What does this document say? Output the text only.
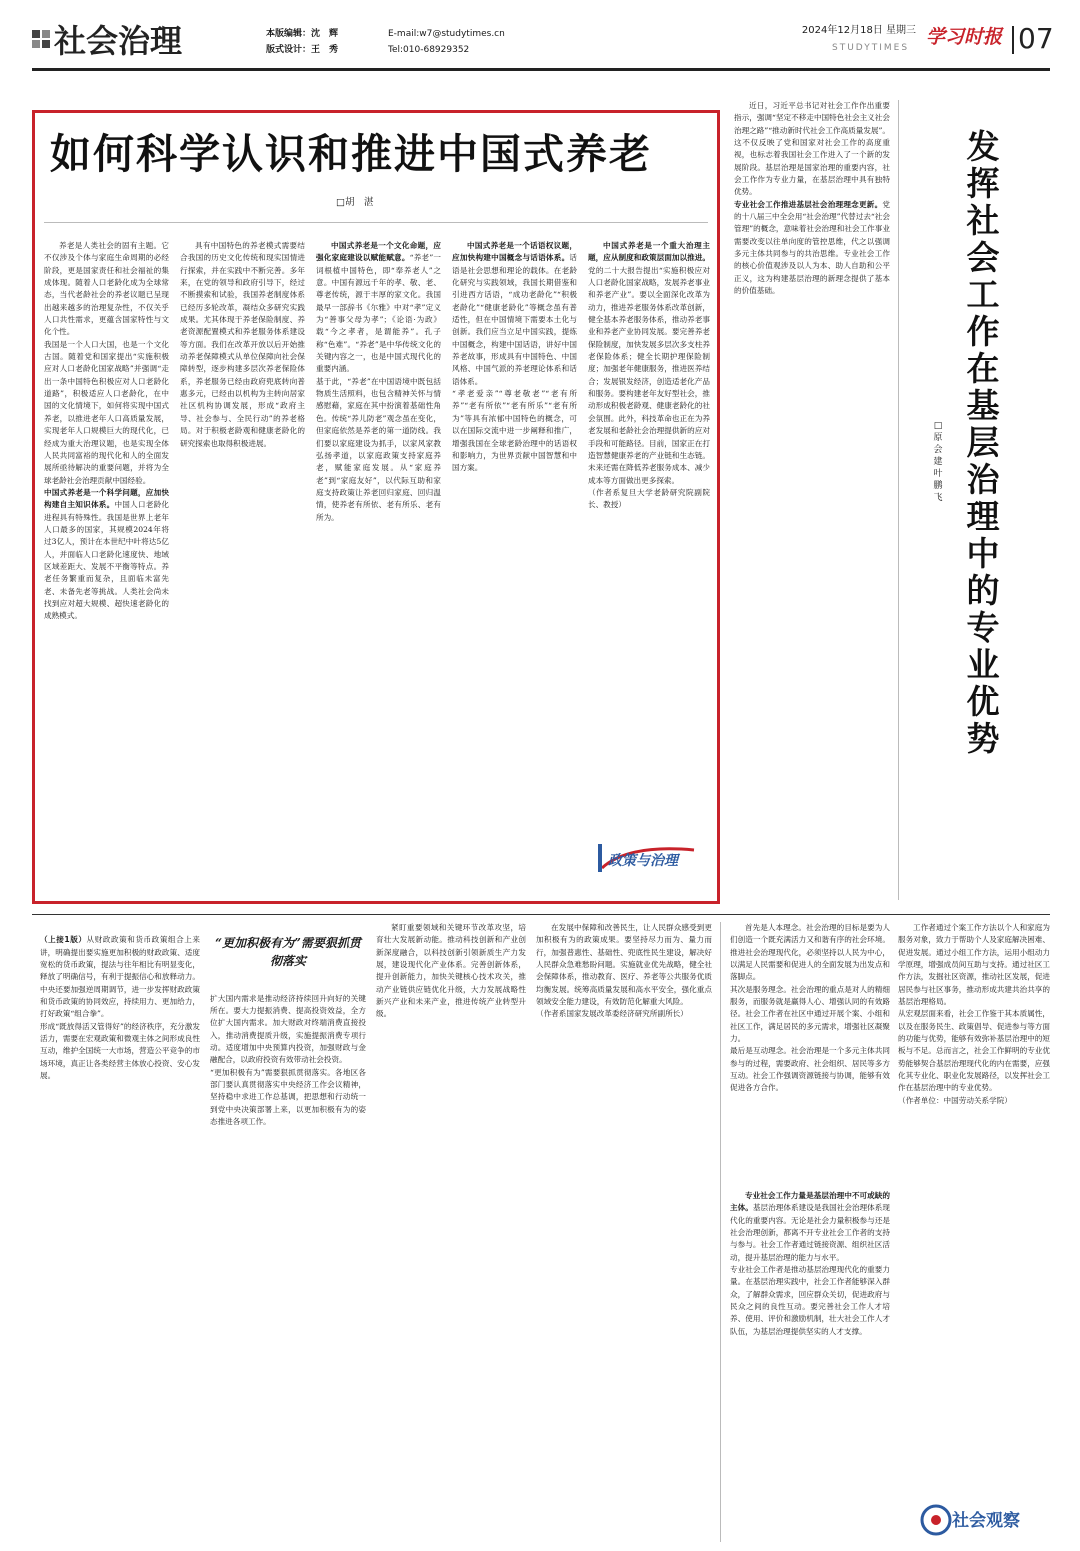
社会治理	本版编辑：沈　辉
版式设计：王　秀
E-mail:w7@studytimes.cn
Tel:010-68929352
2024年12月18日 星期三
STUDYTIMES 学习时报 07
如何科学认识和推进中国式养老
□胡　湛
养老是人类社会的固有主题。它不仅涉及个体与家庭生命周期的必经阶段，更是国家责任和社会福祉的集成体现。随着人口老龄化成为全球常态，当代老龄社会的养老议题已呈现出越来越多的治理复杂性，不仅关乎人口共性需求，更蕴含国家特性与文化个性。
我国是一个人口大国，也是一个文化古国。随着党和国家提出“实施积极应对人口老龄化国家战略”并强调“走出一条中国特色积极应对人口老龄化道路”，积极适应人口老龄化，在中国的文化情境下，如何将实现中国式养老，以推进老年人口高质量发展，实现老年人口规模巨大的现代化，已经成为重大治理议题，也是实现全体人民共同富裕的现代化和人的全面发展所亟待解决的重要问题，并将为全球老龄社会治理贡献中国经验。
中国式养老是一个科学问题，应加快构建自主知识体系。中国人口老龄化进程具有特殊性。我国是世界上老年人口最多的国家，其规模2024年将过3亿人，预计在本世纪中叶将达5亿人，并面临人口老龄化速度快、地域区域差距大、发展不平衡等特点。养老任务繁重而复杂，且面临未富先老、未备先老等挑战。人类社会尚未找到应对超大规模、超快速老龄化的成熟模式。
具有中国特色的养老模式需要结合我国的历史文化传统和现实国情进行探索，并在实践中不断完善。多年来，在党的领导和政府引导下，经过不断摸索和试验，我国养老制度体系已经历多轮改革，凝结众多研究实践成果。尤其体现于养老保险制度、养老资源配置模式和养老服务体系建设等方面。我们在改革开放以后开始推动养老保障模式从单位保障向社会保障转型，逐步构建多层次养老保险体系，养老服务已经由政府兜底转向普惠多元，已经由以机构为主转向居家社区机构协调发展，形成“政府主导、社会参与、全民行动”的养老格局。对于积极老龄观和健康老龄化的研究探索也取得积极进展。
中国式养老是一个文化命题，应强化家庭建设以赋能赋意。“养老”一词根植中国特色，即“奉养老人”之意。中国有源远千年的孝、敬、老、尊老传统，源于丰厚的家文化。我国最早一部辞书《尔雅》中对“孝”定义为“善事父母为孝”；《论语·为政》载“今之孝者，是谓能养”。孔子称“色难”。“养老”是中华传统文化的关键内容之一，也是中国式现代化的重要内涵。
基于此，“养老”在中国语境中既包括物质生活照料，也包含精神关怀与情感慰藉，家庭在其中扮演着基础性角色。传统“养儿防老”观念虽在变化，但家庭依然是养老的第一道防线。我们要以家庭建设为抓手，以家风家教弘扬孝道，以家庭政策支持家庭养老，赋能家庭发展。从“家庭养老”到“家庭友好”，以代际互助和家庭支持政策让养老回归家庭、回归温情，使养老有所依、老有所乐、老有所为。
中国式养老是一个话语权议题，应加快构建中国概念与话语体系。话语是社会思想和理论的载体。在老龄化研究与实践领域，我国长期借鉴和引进西方话语，“成功老龄化”“积极老龄化”“健康老龄化”等概念虽有普适性，但在中国情境下需要本土化与创新。我们应当立足中国实践，提炼中国概念，构建中国话语，讲好中国养老故事，形成具有中国特色、中国风格、中国气派的养老理论体系和话语体系。
“孝老爱亲”“尊老敬老”“老有所养”“老有所依”“老有所乐”“老有所为”等具有浓郁中国特色的概念，可以在国际交流中进一步阐释和推广，增强我国在全球老龄治理中的话语权和影响力，为世界贡献中国智慧和中国方案。
中国式养老是一个重大治理主题，应从制度和政策层面加以推进。党的二十大报告提出“实施积极应对人口老龄化国家战略，发展养老事业和养老产业”。要以全面深化改革为动力，推进养老服务体系改革创新，健全基本养老服务体系，推动养老事业和养老产业协同发展。要完善养老保险制度，加快发展多层次多支柱养老保险体系；健全长期护理保险制度；加强老年健康服务，推进医养结合；发展银发经济，创造适老化产品和服务。要构建老年友好型社会，推动形成积极老龄观、健康老龄化的社会氛围。此外，科技革命也正在为养老发展和老龄社会治理提供新的应对手段和可能路径。目前，国家正在打造智慧健康养老的产业链和生态链。未来还需在降低养老服务成本、减少成本等方面做出更多探索。
（作者系复旦大学老龄研究院副院长、教授）
政策与治理
近日，习近平总书记对社会工作作出重要指示，强调“坚定不移走中国特色社会主义社会治理之路”“推动新时代社会工作高质量发展”。这不仅反映了党和国家对社会工作的高度重视，也标志着我国社会工作进入了一个新的发展阶段。基层治理是国家治理的重要内容，社会工作作为专业力量，在基层治理中具有独特优势。
专业社会工作推进基层社会治理理念更新。党的十八届三中全会用“社会治理”代替过去“社会管理”的概念，意味着社会治理和社会工作事业需要改变以往单向度的管控思维，代之以强调多元主体共同参与的共治思维。专业社会工作的核心价值观涉及以人为本、助人自助和公平正义，这为构建基层治理的新理念提供了基本的价值基础。
发挥社会工作在基层治理中的专业优势
□原会建　叶鹏飞

（上接1版）从财政政策和货币政策组合上来讲，明确提出要实施更加积极的财政政策、适度宽松的货币政策，提法与往年相比有明显变化，释放了明确信号，有利于提振信心和放释动力。中央还要加强逆周期调节，进一步发挥财政政策和货币政策的协同效应，持续用力、更加给力，打好政策“组合拳”。
形成“既放得活又管得好”的经济秩序，充分激发活力，需要在宏观政策和微观主体之间形成良性互动，维护全国统一大市场，营造公平竞争的市场环境，真正让各类经营主体放心投资、安心发展。

“更加积极有为”需要狠抓贯彻落实

扩大国内需求是推动经济持续回升向好的关键所在。要大力提振消费、提高投资效益，全方位扩大国内需求。加大财政对终端消费直接投入，推动消费提质升级，实施提振消费专项行动。适度增加中央预算内投资，加强财政与金融配合，以政府投资有效带动社会投资。
“更加积极有为”需要狠抓贯彻落实。各地区各部门要认真贯彻落实中央经济工作会议精神，坚持稳中求进工作总基调，把思想和行动统一到党中央决策部署上来，以更加积极有为的姿态推进各项工作。

紧盯重要领域和关键环节改革攻坚，培育壮大发展新动能。推动科技创新和产业创新深度融合，以科技创新引领新质生产力发展，建设现代化产业体系。完善创新体系，提升创新能力，加快关键核心技术攻关，推动产业链供应链优化升级，大力发展战略性新兴产业和未来产业，推进传统产业转型升级。
在发展中保障和改善民生，让人民群众感受到更加积极有为的政策成果。要坚持尽力而为、量力而行，加强普惠性、基础性、兜底性民生建设，解决好人民群众急难愁盼问题。实施就业优先战略，健全社会保障体系，推动教育、医疗、养老等公共服务优质均衡发展。统筹高质量发展和高水平安全，强化重点领域安全能力建设，有效防范化解重大风险。
（作者系国家发展改革委经济研究所副所长）
首先是人本理念。社会治理的目标是要为人们创造一个既充满活力又和谐有序的社会环境。推进社会治理现代化，必须坚持以人民为中心，以满足人民需要和促进人的全面发展为出发点和落脚点。
其次是服务理念。社会治理的重点是对人的精细服务，而服务就是赢得人心、增强认同的有效路径。社会工作者在社区中通过开展个案、小组和社区工作，满足居民的多元需求，增强社区凝聚力。
最后是互动理念。社会治理是一个多元主体共同参与的过程，需要政府、社会组织、居民等多方互动。社会工作强调资源链接与协调，能够有效促进各方合作。
专业社会工作力量是基层治理中不可或缺的主体。基层治理体系建设是我国社会治理体系现代化的重要内容。无论是社会力量积极参与还是社会治理创新，都离不开专业社会工作者的支持与参与。社会工作者通过链接资源、组织社区活动，提升基层治理的能力与水平。
专业社会工作者是推动基层治理现代化的重要力量。在基层治理实践中，社会工作者能够深入群众，了解群众需求，回应群众关切，促进政府与民众之间的良性互动。要完善社会工作人才培养、使用、评价和激励机制，壮大社会工作人才队伍，为基层治理提供坚实的人才支撑。
工作者通过个案工作方法以个人和家庭为服务对象，致力于帮助个人及家庭解决困难、促进发展。通过小组工作方法，运用小组动力学原理，增强成员间互助与支持。通过社区工作方法，发掘社区资源，推动社区发展，促进居民参与社区事务，推动形成共建共治共享的基层治理格局。
从宏观层面来看，社会工作鉴于其本质属性，以及在服务民生、政策倡导、促进参与等方面的功能与优势，能够有效弥补基层治理中的短板与不足。总而言之，社会工作鲜明的专业优势能够契合基层治理现代化的内在需要，应强化其专业化、职业化发展路径，以发挥社会工作在基层治理中的专业优势。
（作者单位：中国劳动关系学院）
社会观察
